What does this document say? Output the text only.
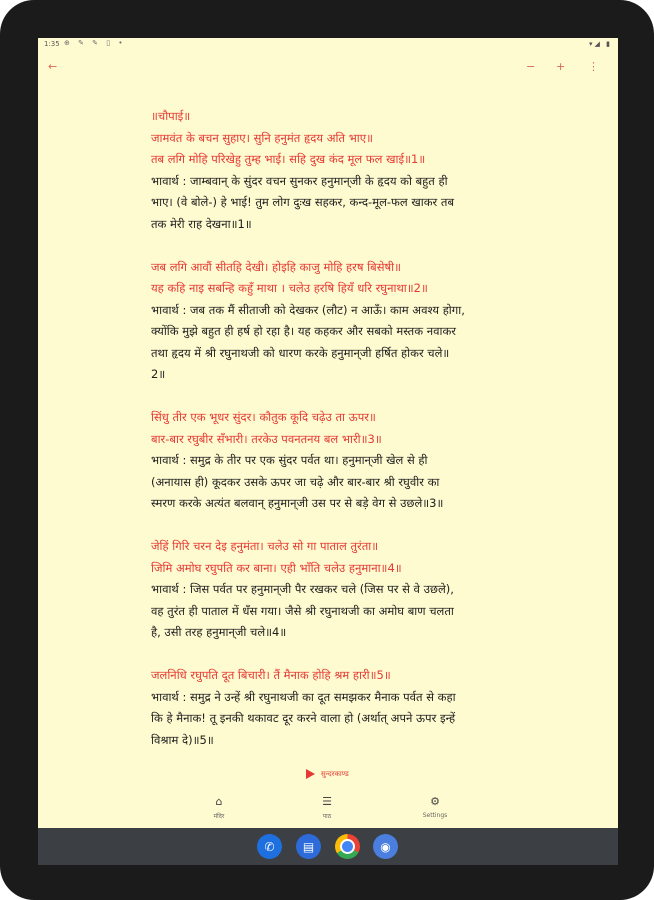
1:35 ⊕ ✎ ✎ ▯ •	▾◢ ▮
←	− + ⋮
॥चौपाई॥
जामवंत के बचन सुहाए। सुनि हनुमंत हृदय अति भाए॥
तब लगि मोहि परिखेहु तुम्ह भाई। सहि दुख कंद मूल फल खाई॥1॥
भावार्थ : जाम्बवान्‌ के सुंदर वचन सुनकर हनुमान्‌जी के हृदय को बहुत ही
भाए। (वे बोले-) हे भाई! तुम लोग दुःख सहकर, कन्द-मूल-फल खाकर तब
तक मेरी राह देखना॥1॥
जब लगि आवौं सीतहि देखी। होइहि काजु मोहि हरष बिसेषी॥
यह कहि नाइ सबन्हि कहुँ माथा । चलेउ हरषि हियँ धरि रघुनाथा॥2॥
भावार्थ : जब तक मैं सीताजी को देखकर (लौट) न आऊँ। काम अवश्य होगा,
क्योंकि मुझे बहुत ही हर्ष हो रहा है। यह कहकर और सबको मस्तक नवाकर
तथा हृदय में श्री रघुनाथजी को धारण करके हनुमान्‌जी हर्षित होकर चले॥
2॥
सिंधु तीर एक भूधर सुंदर। कौतुक कूदि चढ़ेउ ता ऊपर॥
बार-बार रघुबीर सँभारी। तरकेउ पवनतनय बल भारी॥3॥
भावार्थ : समुद्र के तीर पर एक सुंदर पर्वत था। हनुमान्‌जी खेल से ही
(अनायास ही) कूदकर उसके ऊपर जा चढ़े और बार-बार श्री रघुवीर का
स्मरण करके अत्यंत बलवान्‌ हनुमान्‌जी उस पर से बड़े वेग से उछले॥3॥
जेहिं गिरि चरन देइ हनुमंता। चलेउ सो गा पाताल तुरंता॥
जिमि अमोघ रघुपति कर बाना। एही भाँति चलेउ हनुमाना॥4॥
भावार्थ : जिस पर्वत पर हनुमान्‌जी पैर रखकर चले (जिस पर से वे उछले),
वह तुरंत ही पाताल में धँस गया। जैसे श्री रघुनाथजी का अमोघ बाण चलता
है, उसी तरह हनुमान्‌जी चले॥4॥
जलनिधि रघुपति दूत बिचारी। तैं मैनाक होहि श्रम हारी॥5॥
भावार्थ : समुद्र ने उन्हें श्री रघुनाथजी का दूत समझकर मैनाक पर्वत से कहा
कि हे मैनाक! तू इनकी थकावट दूर करने वाला हो (अर्थात्‌ अपने ऊपर इन्हें
विश्राम दे)॥5॥
सुन्दरकाण्ड
⌂
मंदिर
☰
पाठ
⚙
Settings
✆	▤	◉
